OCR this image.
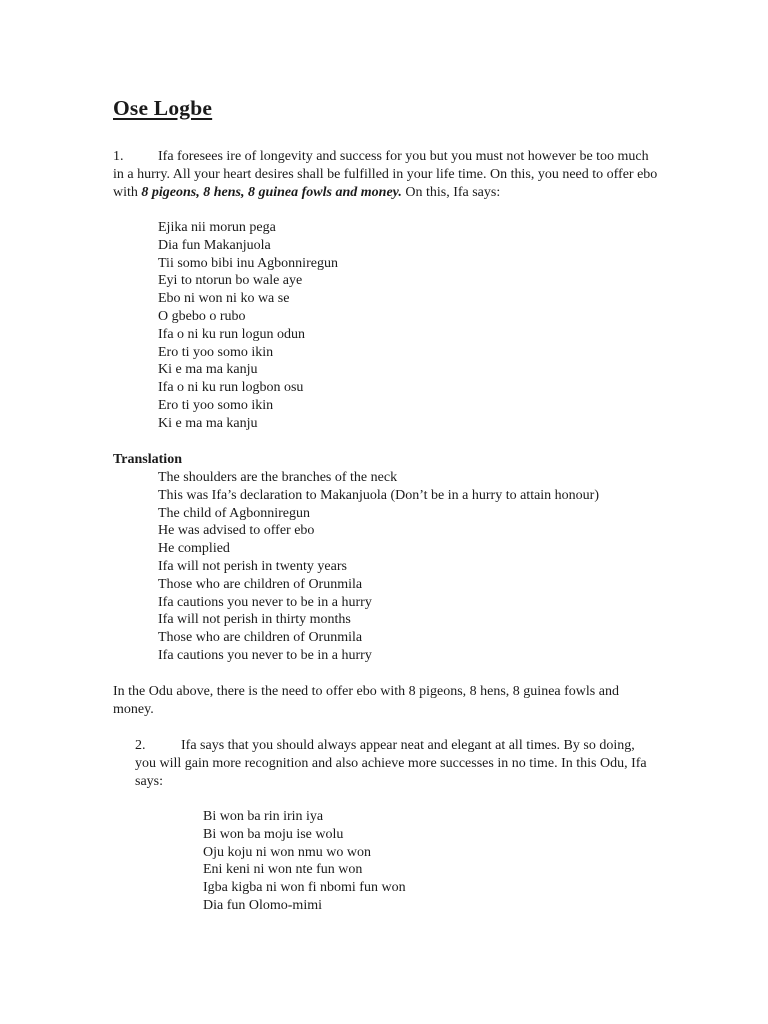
Ose Logbe

1. Ifa foresees ire of longevity and success for you but you must not however be too much in a hurry. All your heart desires shall be fulfilled in your life time. On this, you need to offer ebo with 8 pigeons, 8 hens, 8 guinea fowls and money. On this, Ifa says:

Ejika nii morun pega
Dia fun Makanjuola
Tii somo bibi inu Agbonniregun
Eyi to ntorun bo wale aye
Ebo ni won ni ko wa se
O gbebo o rubo
Ifa o ni ku run logun odun
Ero ti yoo somo ikin
Ki e ma ma kanju
Ifa o ni ku run logbon osu
Ero ti yoo somo ikin
Ki e ma ma kanju

Translation

The shoulders are the branches of the neck
This was Ifa’s declaration to Makanjuola (Don’t be in a hurry to attain honour)
The child of Agbonniregun
He was advised to offer ebo
He complied
Ifa will not perish in twenty years
Those who are children of Orunmila
Ifa cautions you never to be in a hurry
Ifa will not perish in thirty months
Those who are children of Orunmila
Ifa cautions you never to be in a hurry

In the Odu above, there is the need to offer ebo with 8 pigeons, 8 hens, 8 guinea fowls and money.

2.	Ifa says that you should always appear neat and elegant at all times. By so doing, you will gain more recognition and also achieve more successes in no time. In this Odu, Ifa says:

Bi won ba rin irin iya
Bi won ba moju ise wolu
Oju koju ni won nmu wo won
Eni keni ni won nte fun won
Igba kigba ni won fi nbomi fun won
Dia fun Olomo-mimi
